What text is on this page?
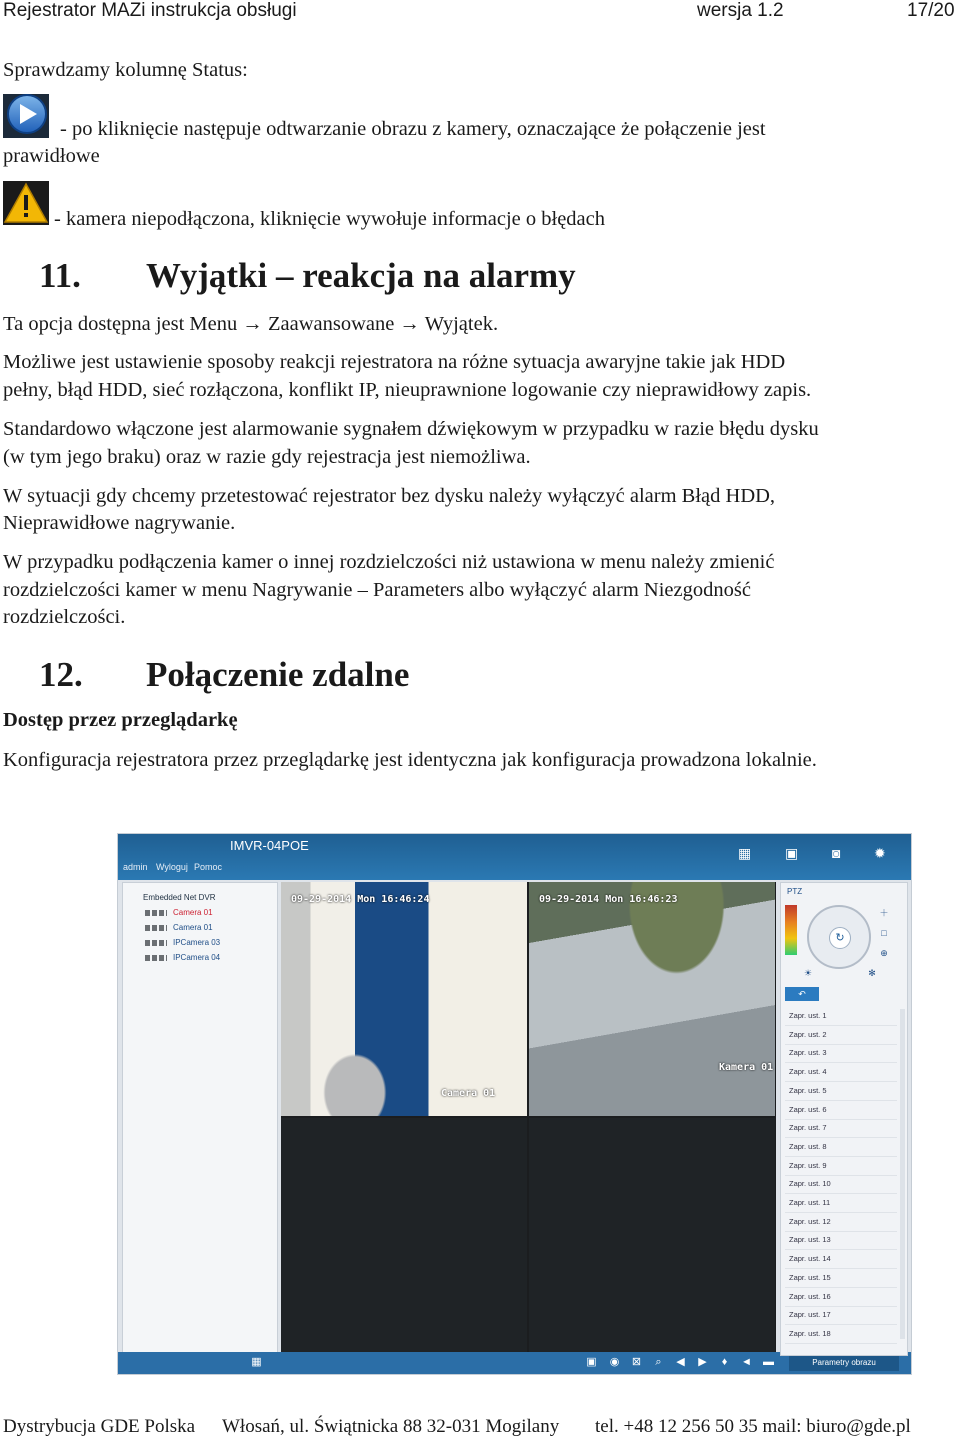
Rejestrator MAZi instrukcja obsługi	wersja 1.2	17/20
Sprawdzamy kolumnę Status:
- po kliknięcie następuje odtwarzanie obrazu z kamery, oznaczające że połączenie jest
prawidłowe
- kamera niepodłączona, kliknięcie wywołuje informacje o błędach
11. Wyjątki – reakcja na alarmy
Ta opcja dostępna jest Menu → Zaawansowane → Wyjątek.
Możliwe jest ustawienie sposoby reakcji rejestratora na różne sytuacja awaryjne takie jak HDD
pełny, błąd HDD, sieć rozłączona, konflikt IP, nieuprawnione logowanie czy nieprawidłowy zapis.
Standardowo włączone jest alarmowanie sygnałem dźwiękowym w przypadku w razie błędu dysku
(w tym jego braku) oraz w razie gdy rejestracja jest niemożliwa.
W sytuacji gdy chcemy przetestować rejestrator bez dysku należy wyłączyć alarm Błąd HDD,
Nieprawidłowe nagrywanie.
W przypadku podłączenia kamer o innej rozdzielczości niż ustawiona w menu należy zmienić
rozdzielczości kamer w menu Nagrywanie – Parameters albo wyłączyć alarm Niezgodność
rozdzielczości.
12. Połączenie zdalne
Dostęp przez przeglądarkę
Konfiguracja rejestratora przez przeglądarkę jest identyczna jak konfiguracja prowadzona lokalnie.
IMVR-04POE
admin Wyloguj Pomoc
▦ ▣ ◙	✹
Embedded Net DVR
Camera 01
Camera 01
IPCamera 03
IPCamera 04
09-29-2014 Mon 16:46:24
Camera 01
09-29-2014 Mon 16:46:23
Kamera 01
▦	▣ ◉ ⊠	⌕	◀ ▶	♦	◄ ▬	Parametry obrazu
PTZ
↻
＋
□
⊕
☀	✻
↶
Zapr. ust. 1
Zapr. ust. 2
Zapr. ust. 3
Zapr. ust. 4
Zapr. ust. 5
Zapr. ust. 6
Zapr. ust. 7
Zapr. ust. 8
Zapr. ust. 9
Zapr. ust. 10
Zapr. ust. 11
Zapr. ust. 12
Zapr. ust. 13
Zapr. ust. 14
Zapr. ust. 15
Zapr. ust. 16
Zapr. ust. 17
Zapr. ust. 18
Dystrybucja GDE Polska Włosań, ul. Świątnicka 88 32-031 Mogilany tel. +48 12 256 50 35 mail: biuro@gde.pl
